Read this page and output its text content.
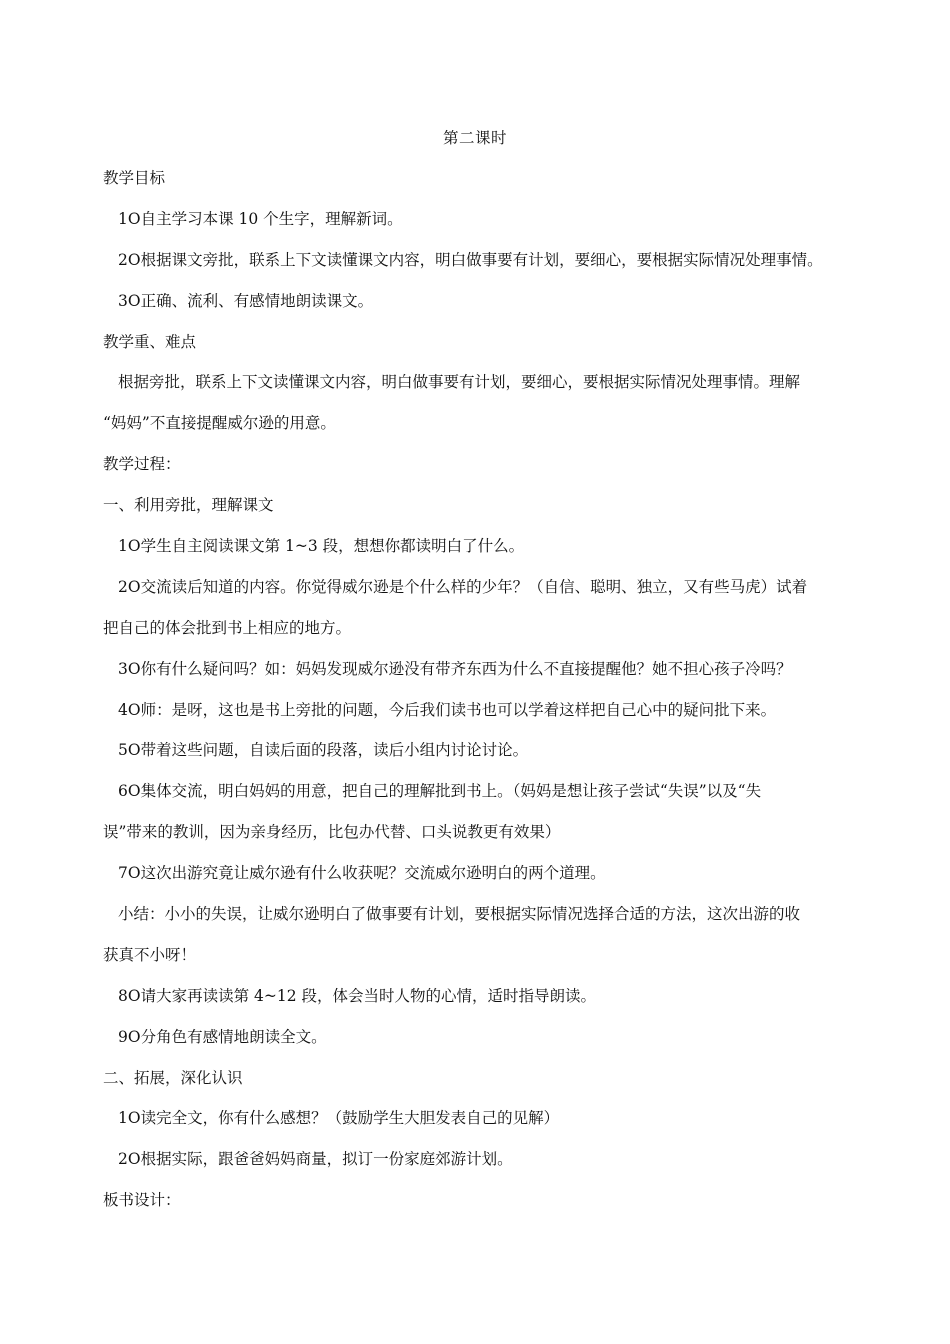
第二课时

教学目标

1O自主学习本课 10 个生字，理解新词。

2O根据课文旁批，联系上下文读懂课文内容，明白做事要有计划，要细心，要根据实际情况处理事情。

3O正确、流利、有感情地朗读课文。

教学重、难点

根据旁批，联系上下文读懂课文内容，明白做事要有计划，要细心，要根据实际情况处理事情。理解

“妈妈”不直接提醒威尔逊的用意。

教学过程：

一、利用旁批，理解课文

1O学生自主阅读课文第 1~3 段，想想你都读明白了什么。

2O交流读后知道的内容。你觉得威尔逊是个什么样的少年？（自信、聪明、独立，又有些马虎）试着

把自己的体会批到书上相应的地方。

3O你有什么疑问吗？如：妈妈发现威尔逊没有带齐东西为什么不直接提醒他？她不担心孩子冷吗？

4O师：是呀，这也是书上旁批的问题，今后我们读书也可以学着这样把自己心中的疑问批下来。

5O带着这些问题，自读后面的段落，读后小组内讨论讨论。

6O集体交流，明白妈妈的用意，把自己的理解批到书上。（妈妈是想让孩子尝试“失误”以及“失

误”带来的教训，因为亲身经历，比包办代替、口头说教更有效果）

7O这次出游究竟让威尔逊有什么收获呢？交流威尔逊明白的两个道理。

小结：小小的失误，让威尔逊明白了做事要有计划，要根据实际情况选择合适的方法，这次出游的收

获真不小呀！

8O请大家再读读第 4~12 段，体会当时人物的心情，适时指导朗读。

9O分角色有感情地朗读全文。

二、拓展，深化认识

1O读完全文，你有什么感想？（鼓励学生大胆发表自己的见解）

2O根据实际，跟爸爸妈妈商量，拟订一份家庭郊游计划。

板书设计：
